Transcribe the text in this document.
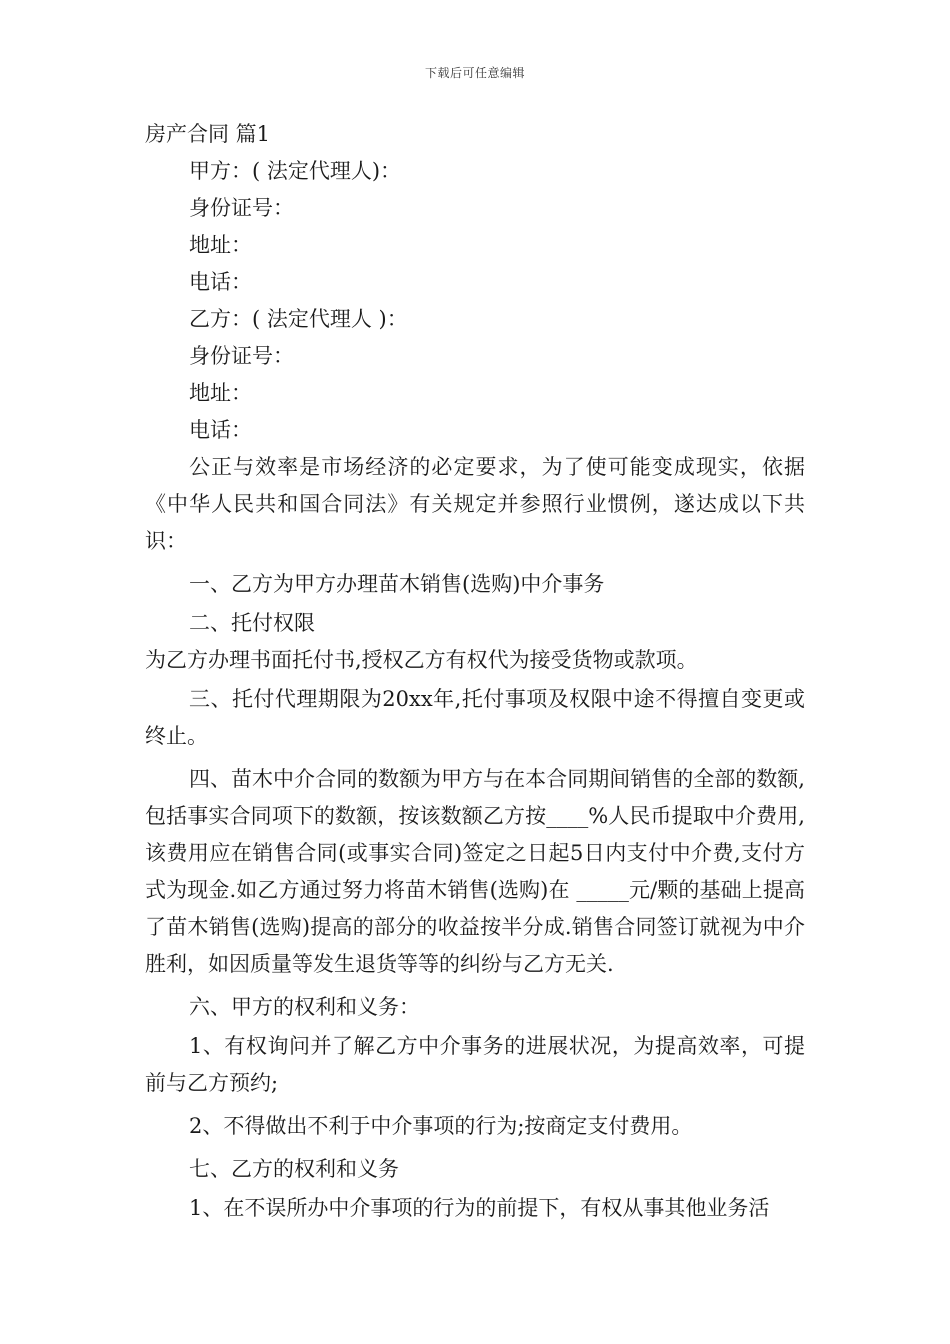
下载后可任意编辑

房产合同 篇1

甲方：( 法定代理人)：

身份证号：

地址：

电话：

乙方：( 法定代理人 )：

身份证号：

地址：

电话：

公正与效率是市场经济的必定要求，为了使可能变成现实，依据《中华人民共和国合同法》有关规定并参照行业惯例，遂达成以下共识：

一、乙方为甲方办理苗木销售(选购)中介事务

二、托付权限

为乙方办理书面托付书,授权乙方有权代为接受货物或款项。

三、托付代理期限为20xx年,托付事项及权限中途不得擅自变更或终止。

四、苗木中介合同的数额为甲方与在本合同期间销售的全部的数额,包括事实合同项下的数额，按该数额乙方按____%人民币提取中介费用,该费用应在销售合同(或事实合同)签定之日起5日内支付中介费,支付方式为现金.如乙方通过努力将苗木销售(选购)在 _____元/颗的基础上提高了苗木销售(选购)提高的部分的收益按半分成.销售合同签订就视为中介胜利，如因质量等发生退货等等的纠纷与乙方无关.

六、甲方的权利和义务：

1、有权询问并了解乙方中介事务的进展状况，为提高效率，可提前与乙方预约;

2、不得做出不利于中介事项的行为;按商定支付费用。

七、乙方的权利和义务

1、在不误所办中介事项的行为的前提下，有权从事其他业务活
